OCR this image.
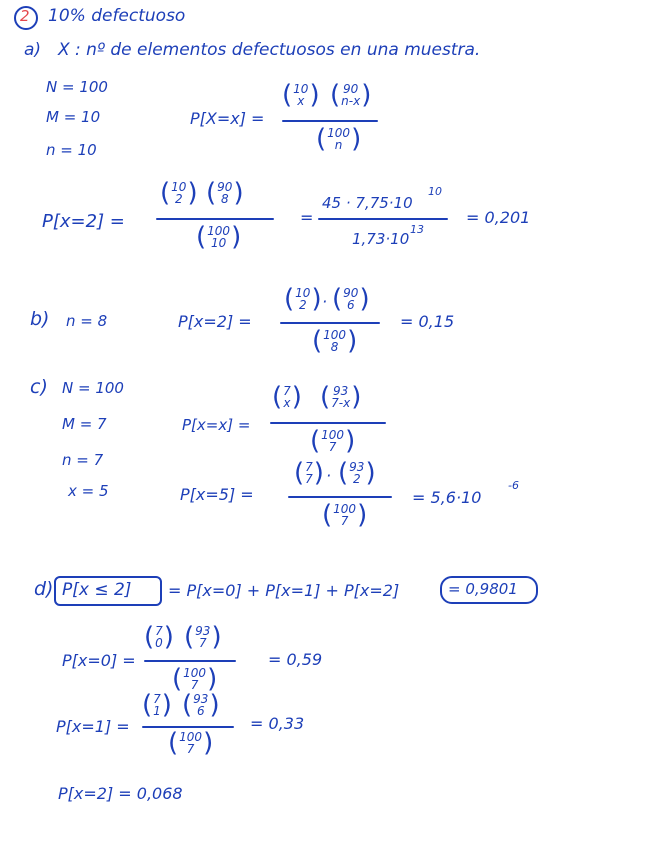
2 10% defectuoso
a) X : nº de elementos defectuosos en una muestra.
N = 100
M = 10
n = 10
P[X=x] =
( 10
x ) ( 90
n-x )
( 100
n )
P[x=2] =
( 10
2 ) ( 90
8 )
( 100
10 )
=
45 · 7,75·10
10
1,73·10
13
= 0,201
b) n = 8	P[x=2] =
( 10
2 ) · ( 90
6 )
( 100
8 )
= 0,15
c) N = 100
M = 7
n = 7
x = 5
P[x=x] =
( 7
x ) ( 93
7-x )
( 100
7 )
P[x=5] =
( 7
7 ) · ( 93
2 )
( 100
7 )
= 5,6·10
-6
d) P[x ≤ 2] = P[x=0] + P[x=1] + P[x=2]	= 0,9801
P[x=0] =
( 7
0 ) ( 93
7 )
( 100
7 )
= 0,59
P[x=1] =
( 7
1 ) ( 93
6 )
( 100
7 )
= 0,33
P[x=2] = 0,068
